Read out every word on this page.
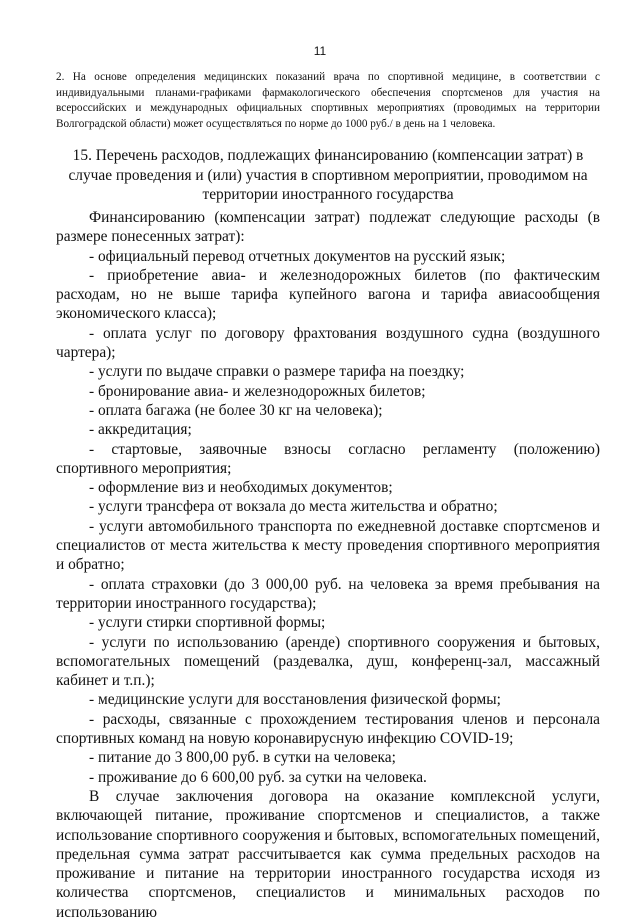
11
2. На основе определения медицинских показаний врача по спортивной медицине, в соответствии с индивидуальными планами-графиками фармакологического обеспечения спортсменов для участия на всероссийских и международных официальных спортивных мероприятиях (проводимых на территории Волгоградской области) может осуществляться по норме до 1000 руб./ в день на 1 человека.
15. Перечень расходов, подлежащих финансированию (компенсации затрат) в случае проведения и (или) участия в спортивном мероприятии, проводимом на территории иностранного государства

Финансированию (компенсации затрат) подлежат следующие расходы (в размере понесенных затрат):

- официальный перевод отчетных документов на русский язык;

- приобретение авиа- и железнодорожных билетов (по фактическим расходам, но не выше тарифа купейного вагона и тарифа авиасообщения экономического класса);

- оплата услуг по договору фрахтования воздушного судна (воздушного чартера);

- услуги по выдаче справки о размере тарифа на поездку;

- бронирование авиа- и железнодорожных билетов;

- оплата багажа (не более 30 кг на человека);

- аккредитация;

- стартовые, заявочные взносы согласно регламенту (положению) спортивного мероприятия;

- оформление виз и необходимых документов;

- услуги трансфера от вокзала до места жительства и обратно;

- услуги автомобильного транспорта по ежедневной доставке спортсменов и специалистов от места жительства к месту проведения спортивного мероприятия и обратно;

- оплата страховки (до 3 000,00 руб. на человека за время пребывания на территории иностранного государства);

- услуги стирки спортивной формы;

- услуги по использованию (аренде) спортивного сооружения и бытовых, вспомогательных помещений (раздевалка, душ, конференц-зал, массажный кабинет и т.п.);

- медицинские услуги для восстановления физической формы;

- расходы, связанные с прохождением тестирования членов и персонала спортивных команд на новую коронавирусную инфекцию COVID-19;

- питание до 3 800,00 руб. в сутки на человека;

- проживание до 6 600,00 руб. за сутки на человека.

В случае заключения договора на оказание комплексной услуги, включающей питание, проживание спортсменов и специалистов, а также использование спортивного сооружения и бытовых, вспомогательных помещений, предельная сумма затрат рассчитывается как сумма предельных расходов на проживание и питание на территории иностранного государства исходя из количества спортсменов, специалистов и минимальных расходов по использованию
